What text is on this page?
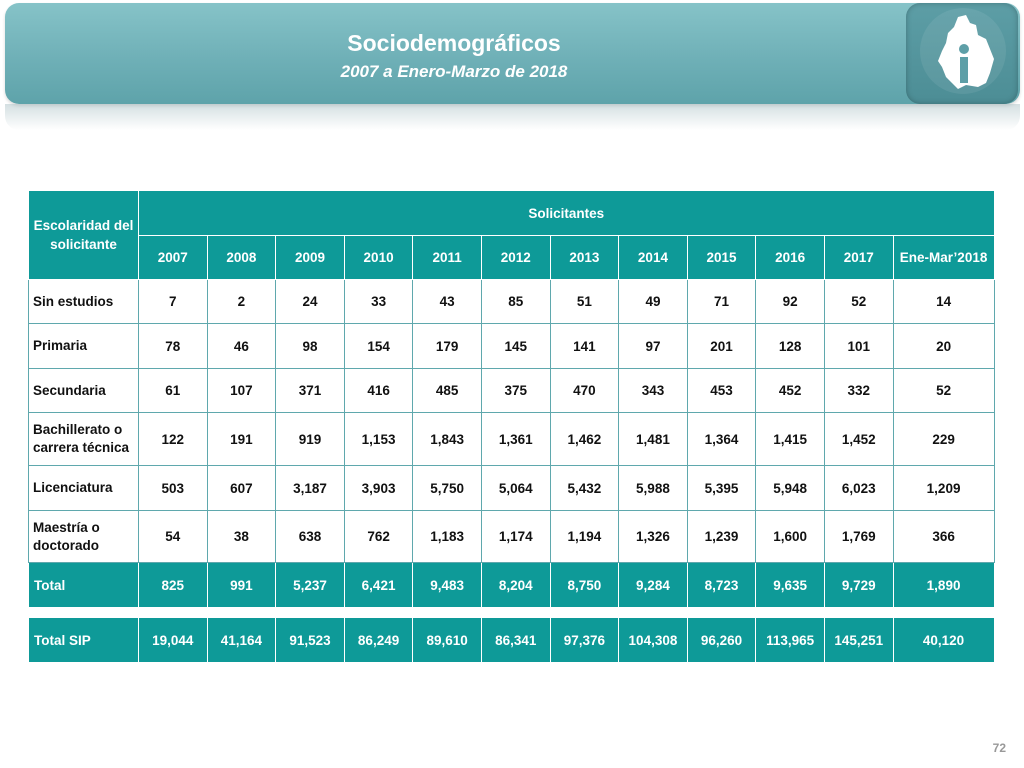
Sociodemográficos
2007 a Enero-Marzo de 2018
Escolaridad del solicitante	Solicitantes											
	2007	2008	2009	2010	2011	2012	2013	2014	2015	2016	2017	Ene-Mar’2018
Sin estudios	7	2	24	33	43	85	51	49	71	92	52	14
Primaria	78	46	98	154	179	145	141	97	201	128	101	20
Secundaria	61	107	371	416	485	375	470	343	453	452	332	52
Bachillerato o carrera técnica	122	191	919	1,153	1,843	1,361	1,462	1,481	1,364	1,415	1,452	229
Licenciatura	503	607	3,187	3,903	5,750	5,064	5,432	5,988	5,395	5,948	6,023	1,209
Maestría o doctorado	54	38	638	762	1,183	1,174	1,194	1,326	1,239	1,600	1,769	366
Total	825	991	5,237	6,421	9,483	8,204	8,750	9,284	8,723	9,635	9,729	1,890
Total SIP	19,044	41,164	91,523	86,249	89,610	86,341	97,376	104,308	96,260	113,965	145,251	40,120
72
